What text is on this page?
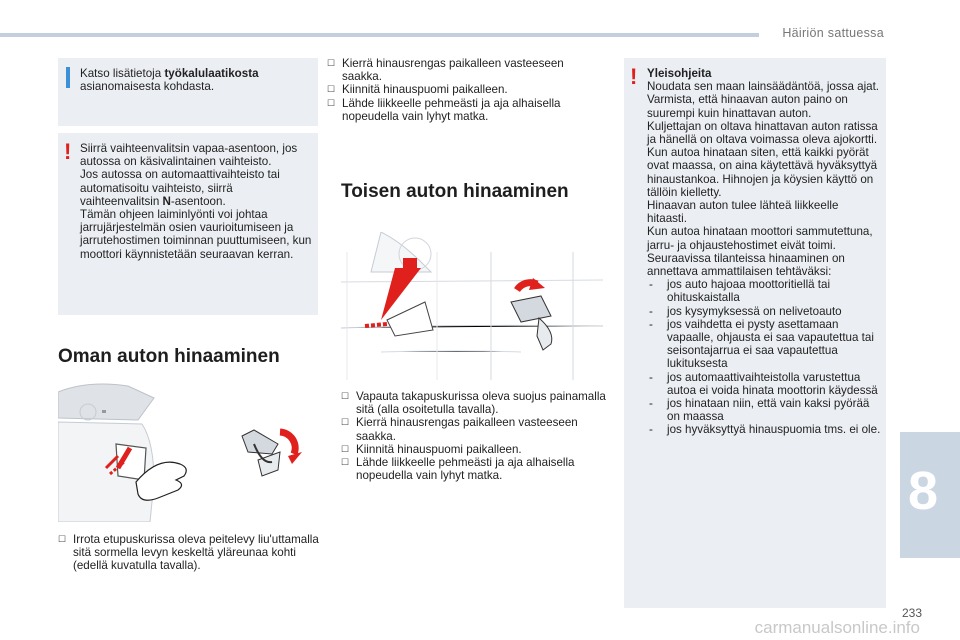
Häiriön sattuessa
8
233
carmanualsonline.info
Katso lisätietoja työkalulaatikosta asianomaisesta kohdasta.
! Siirrä vaihteenvalitsin vapaa-asentoon, jos autossa on käsivalintainen vaihteisto.
Jos autossa on automaattivaihteisto tai automatisoitu vaihteisto, siirrä vaihteenvalitsin N-asentoon.
Tämän ohjeen laiminlyönti voi johtaa jarrujärjestelmän osien vaurioitumiseen ja jarrutehostimen toiminnan puuttumiseen, kun moottori käynnistetään seuraavan kerran.
Oman auton hinaaminen
☐ Irrota etupuskurissa oleva peitelevy liu'uttamalla sitä sormella levyn keskeltä yläreunaa kohti (edellä kuvatulla tavalla).
☐ Kierrä hinausrengas paikalleen vasteeseen saakka.
☐ Kiinnitä hinauspuomi paikalleen.
☐ Lähde liikkeelle pehmeästi ja aja alhaisella nopeudella vain lyhyt matka.
Toisen auton hinaaminen
☐ Vapauta takapuskurissa oleva suojus painamalla sitä (alla osoitetulla tavalla).
☐ Kierrä hinausrengas paikalleen vasteeseen saakka.
☐ Kiinnitä hinauspuomi paikalleen.
☐ Lähde liikkeelle pehmeästi ja aja alhaisella nopeudella vain lyhyt matka.
! Yleisohjeita
Noudata sen maan lainsäädäntöä, jossa ajat.
Varmista, että hinaavan auton paino on suurempi kuin hinattavan auton.
Kuljettajan on oltava hinattavan auton ratissa ja hänellä on oltava voimassa oleva ajokortti.
Kun autoa hinataan siten, että kaikki pyörät ovat maassa, on aina käytettävä hyväksyttyä hinaustankoa. Hihnojen ja köysien käyttö on tällöin kielletty.
Hinaavan auton tulee lähteä liikkeelle hitaasti.
Kun autoa hinataan moottori sammutettuna, jarru- ja ohjaustehostimet eivät toimi.
Seuraavissa tilanteissa hinaaminen on annettava ammattilaisen tehtäväksi:
- jos auto hajoaa moottoritiellä tai ohituskaistalla
- jos kysymyksessä on nelivetoauto
- jos vaihdetta ei pysty asettamaan vapaalle, ohjausta ei saa vapautettua tai seisontajarrua ei saa vapautettua lukituksesta
- jos automaattivaihteistolla varustettua autoa ei voida hinata moottorin käydessä
- jos hinataan niin, että vain kaksi pyörää on maassa
- jos hyväksyttyä hinauspuomia tms. ei ole.
